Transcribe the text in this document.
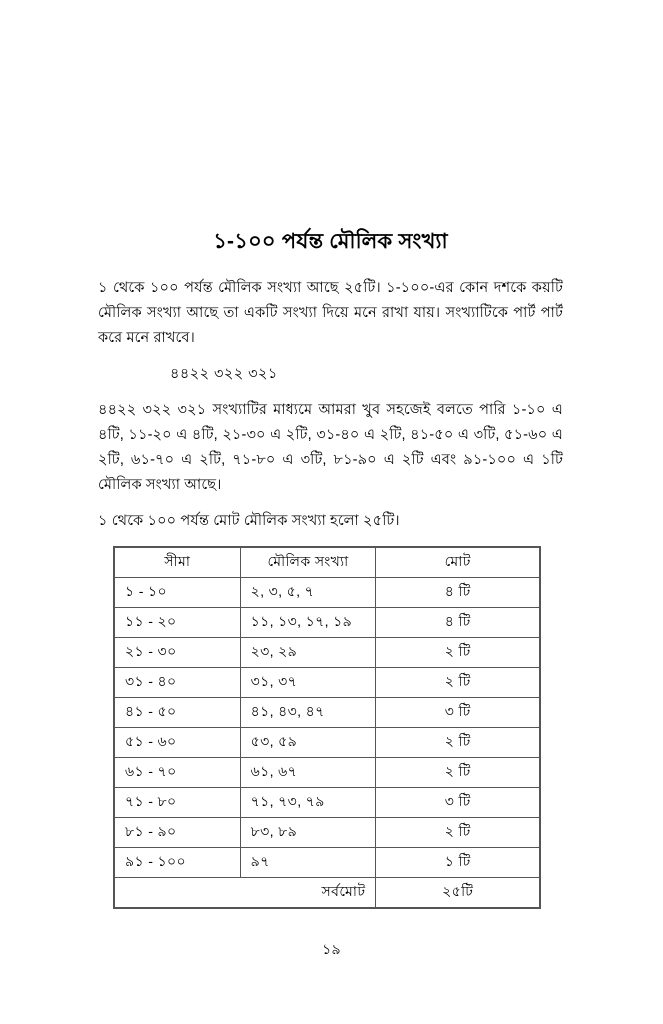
১-১০০ পর্যন্ত মৌলিক সংখ্যা

১ থেকে ১০০ পর্যন্ত মৌলিক সংখ্যা আছে ২৫টি। ১-১০০-এর কোন দশকে কয়টি মৌলিক সংখ্যা আছে তা একটি সংখ্যা দিয়ে মনে রাখা যায়। সংখ্যাটিকে পার্ট পার্ট করে মনে রাখবে।

৪৪২২ ৩২২ ৩২১

৪৪২২ ৩২২ ৩২১ সংখ্যাটির মাধ্যমে আমরা খুব সহজেই বলতে পারি ১-১০ এ ৪টি, ১১-২০ এ ৪টি, ২১-৩০ এ ২টি, ৩১-৪০ এ ২টি, ৪১-৫০ এ ৩টি, ৫১-৬০ এ ২টি, ৬১-৭০ এ ২টি, ৭১-৮০ এ ৩টি, ৮১-৯০ এ ২টি এবং ৯১-১০০ এ ১টি মৌলিক সংখ্যা আছে।

১ থেকে ১০০ পর্যন্ত মোট মৌলিক সংখ্যা হলো ২৫টি।

সীমা	মৌলিক সংখ্যা	মোট
১ - ১০	২, ৩, ৫, ৭	৪ টি
১১ - ২০	১১, ১৩, ১৭, ১৯	৪ টি
২১ - ৩০	২৩, ২৯	২ টি
৩১ - ৪০	৩১, ৩৭	২ টি
৪১ - ৫০	৪১, ৪৩, ৪৭	৩ টি
৫১ - ৬০	৫৩, ৫৯	২ টি
৬১ - ৭০	৬১, ৬৭	২ টি
৭১ - ৮০	৭১, ৭৩, ৭৯	৩ টি
৮১ - ৯০	৮৩, ৮৯	২ টি
৯১ - ১০০	৯৭	১ টি
সর্বমোট		২৫টি
১৯
